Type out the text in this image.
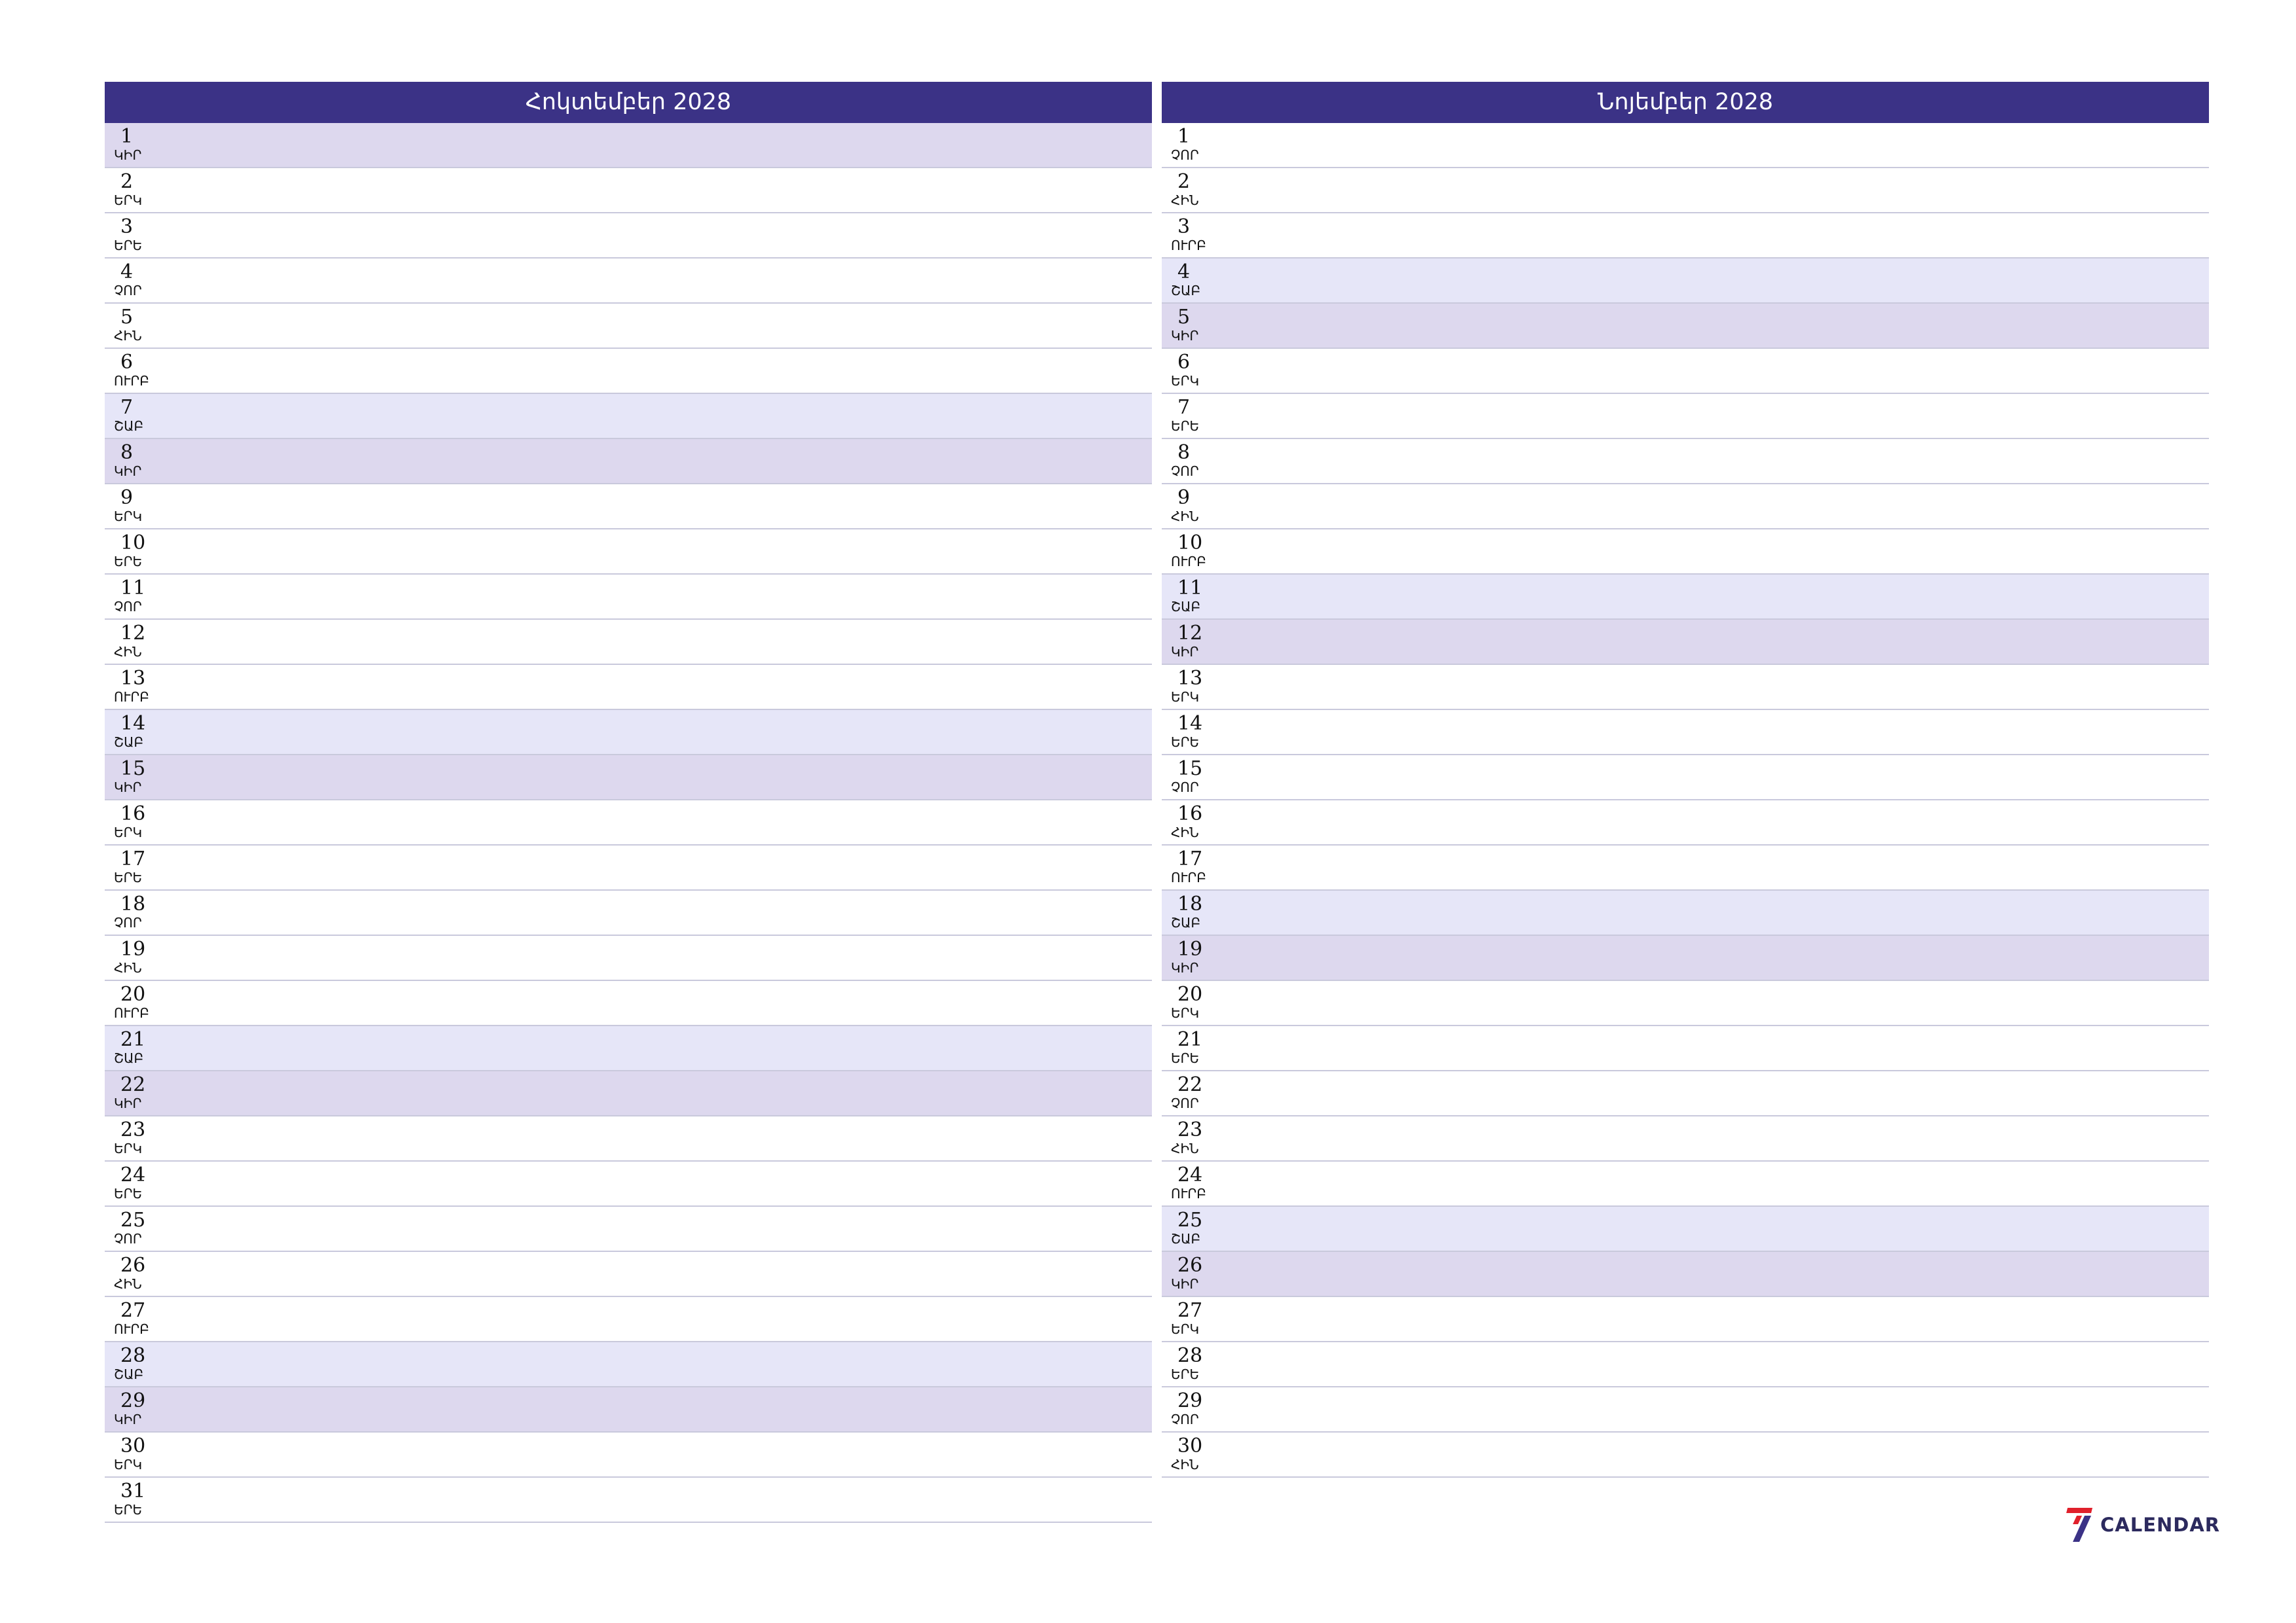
Հոկտեմբեր 2028
1
ԿԻՐ
2
ԵՐԿ
3
ԵՐԵ
4
ՉՈՐ
5
ՀԻՆ
6
ՈՒՐԲ
7
ՇԱԲ
8
ԿԻՐ
9
ԵՐԿ
10
ԵՐԵ
11
ՉՈՐ
12
ՀԻՆ
13
ՈՒՐԲ
14
ՇԱԲ
15
ԿԻՐ
16
ԵՐԿ
17
ԵՐԵ
18
ՉՈՐ
19
ՀԻՆ
20
ՈՒՐԲ
21
ՇԱԲ
22
ԿԻՐ
23
ԵՐԿ
24
ԵՐԵ
25
ՉՈՐ
26
ՀԻՆ
27
ՈՒՐԲ
28
ՇԱԲ
29
ԿԻՐ
30
ԵՐԿ
31
ԵՐԵ
Նոյեմբեր 2028
1
ՉՈՐ
2
ՀԻՆ
3
ՈՒՐԲ
4
ՇԱԲ
5
ԿԻՐ
6
ԵՐԿ
7
ԵՐԵ
8
ՉՈՐ
9
ՀԻՆ
10
ՈՒՐԲ
11
ՇԱԲ
12
ԿԻՐ
13
ԵՐԿ
14
ԵՐԵ
15
ՉՈՐ
16
ՀԻՆ
17
ՈՒՐԲ
18
ՇԱԲ
19
ԿԻՐ
20
ԵՐԿ
21
ԵՐԵ
22
ՉՈՐ
23
ՀԻՆ
24
ՈՒՐԲ
25
ՇԱԲ
26
ԿԻՐ
27
ԵՐԿ
28
ԵՐԵ
29
ՉՈՐ
30
ՀԻՆ
CALENDAR
